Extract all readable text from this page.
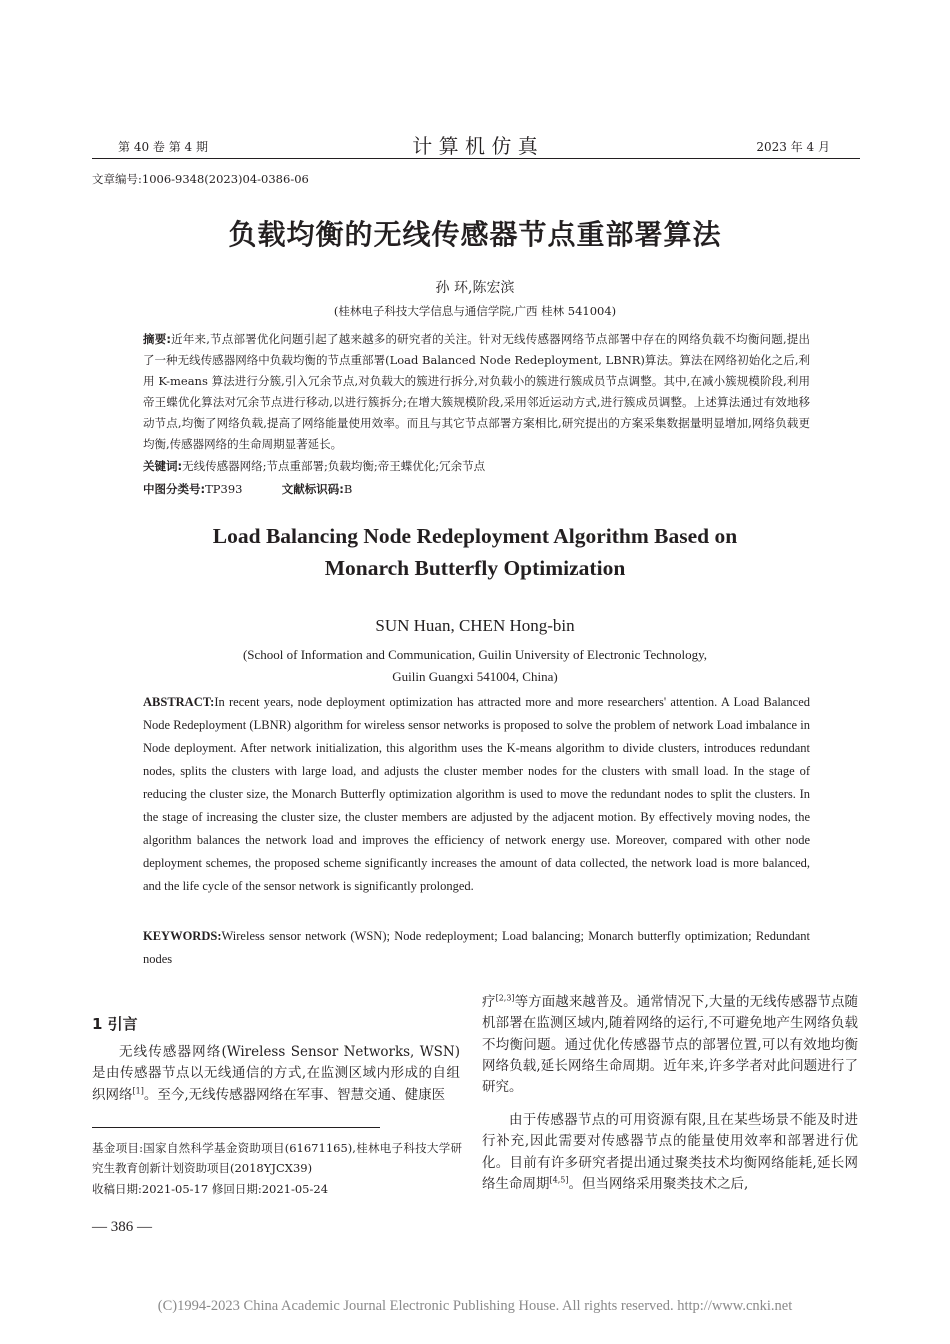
第 40 卷 第 4 期	计 算 机 仿 真	2023 年 4 月
文章编号:1006-9348(2023)04-0386-06
负载均衡的无线传感器节点重部署算法
孙 环,陈宏滨
(桂林电子科技大学信息与通信学院,广西 桂林 541004)
摘要:近年来,节点部署优化问题引起了越来越多的研究者的关注。针对无线传感器网络节点部署中存在的网络负载不均衡问题,提出了一种无线传感器网络中负载均衡的节点重部署(Load Balanced Node Redeployment, LBNR)算法。算法在网络初始化之后,利用 K-means 算法进行分簇,引入冗余节点,对负载大的簇进行拆分,对负载小的簇进行簇成员节点调整。其中,在减小簇规模阶段,利用帝王蝶优化算法对冗余节点进行移动,以进行簇拆分;在增大簇规模阶段,采用邻近运动方式,进行簇成员调整。上述算法通过有效地移动节点,均衡了网络负载,提高了网络能量使用效率。而且与其它节点部署方案相比,研究提出的方案采集数据量明显增加,网络负载更均衡,传感器网络的生命周期显著延长。
关键词:无线传感器网络;节点重部署;负载均衡;帝王蝶优化;冗余节点
中图分类号:TP393	文献标识码:B
Load Balancing Node Redeployment Algorithm Based on
Monarch Butterfly Optimization
SUN Huan, CHEN Hong-bin
(School of Information and Communication, Guilin University of Electronic Technology,
Guilin Guangxi 541004, China)
ABSTRACT:In recent years, node deployment optimization has attracted more and more researchers' attention. A Load Balanced Node Redeployment (LBNR) algorithm for wireless sensor networks is proposed to solve the problem of network Load imbalance in Node deployment. After network initialization, this algorithm uses the K-means algorithm to divide clusters, introduces redundant nodes, splits the clusters with large load, and adjusts the cluster member nodes for the clusters with small load. In the stage of reducing the cluster size, the Monarch Butterfly optimization algorithm is used to move the redundant nodes to split the clusters. In the stage of increasing the cluster size, the cluster members are adjusted by the adjacent motion. By effectively moving nodes, the algorithm balances the network load and improves the efficiency of network energy use. Moreover, compared with other node deployment schemes, the proposed scheme significantly increases the amount of data collected, the network load is more balanced, and the life cycle of the sensor network is significantly prolonged.
KEYWORDS:Wireless sensor network (WSN); Node redeployment; Load balancing; Monarch butterfly optimization; Redundant nodes
1 引言
无线传感器网络(Wireless Sensor Networks, WSN)是由传感器节点以无线通信的方式,在监测区域内形成的自组织网络[1]。至今,无线传感器网络在军事、智慧交通、健康医
基金项目:国家自然科学基金资助项目(61671165),桂林电子科技大学研究生教育创新计划资助项目(2018YJCX39)
收稿日期:2021-05-17 修回日期:2021-05-24
疗[2,3]等方面越来越普及。通常情况下,大量的无线传感器节点随机部署在监测区域内,随着网络的运行,不可避免地产生网络负载不均衡问题。通过优化传感器节点的部署位置,可以有效地均衡网络负载,延长网络生命周期。近年来,许多学者对此问题进行了研究。
由于传感器节点的可用资源有限,且在某些场景不能及时进行补充,因此需要对传感器节点的能量使用效率和部署进行优化。目前有许多研究者提出通过聚类技术均衡网络能耗,延长网络生命周期[4,5]。但当网络采用聚类技术之后,
— 386 —
(C)1994-2023 China Academic Journal Electronic Publishing House. All rights reserved. http://www.cnki.net
